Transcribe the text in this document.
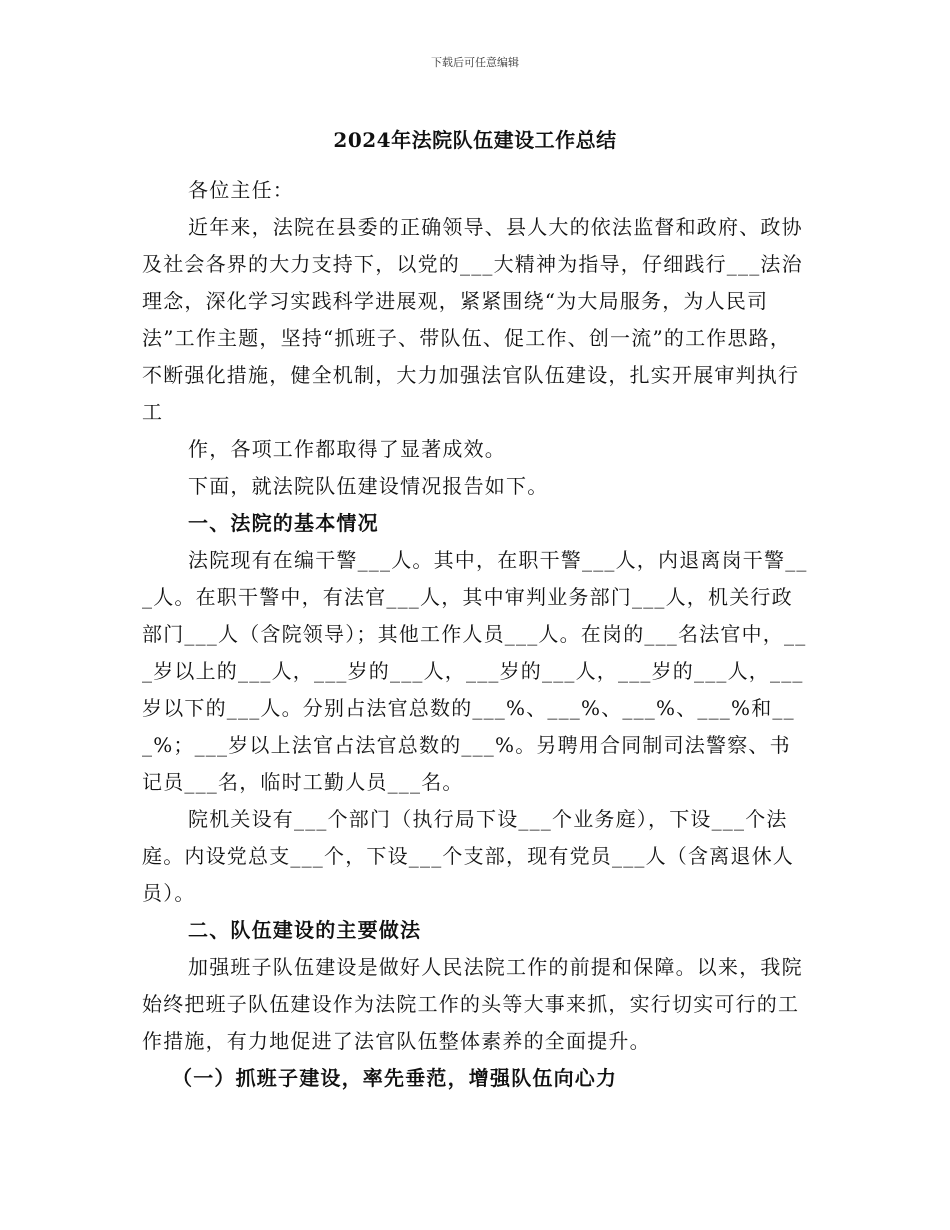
下载后可任意编辑
2024年法院队伍建设工作总结

各位主任：

近年来，法院在县委的正确领导、县人大的依法监督和政府、政协及社会各界的大力支持下，以党的___大精神为指导，仔细践行___法治理念，深化学习实践科学进展观，紧紧围绕“为大局服务，为人民司法”工作主题，坚持“抓班子、带队伍、促工作、创一流”的工作思路，不断强化措施，健全机制，大力加强法官队伍建设，扎实开展审判执行工

作，各项工作都取得了显著成效。

下面，就法院队伍建设情况报告如下。

一、法院的基本情况

法院现有在编干警___人。其中，在职干警___人，内退离岗干警___人。在职干警中，有法官___人，其中审判业务部门___人，机关行政部门___人（含院领导）；其他工作人员___人。在岗的___名法官中，___岁以上的___人，___岁的___人，___岁的___人，___岁的___人，___岁以下的___人。分别占法官总数的___%、___%、___%、___%和___%；___岁以上法官占法官总数的___%。另聘用合同制司法警察、书记员___名，临时工勤人员___名。

院机关设有___个部门（执行局下设___个业务庭），下设___个法庭。内设党总支___个，下设___个支部，现有党员___人（含离退休人员）。

二、队伍建设的主要做法

加强班子队伍建设是做好人民法院工作的前提和保障。以来，我院始终把班子队伍建设作为法院工作的头等大事来抓，实行切实可行的工作措施，有力地促进了法官队伍整体素养的全面提升。

（一）抓班子建设，率先垂范，增强队伍向心力
